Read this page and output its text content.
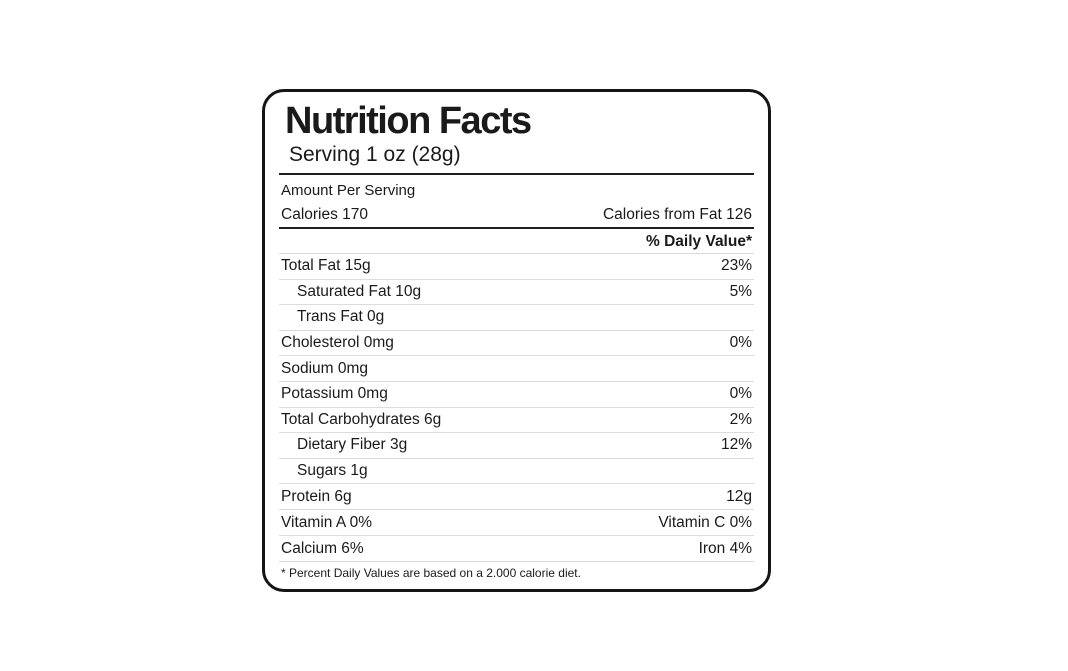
Nutrition Facts
Serving 1 oz (28g)
Amount Per Serving
Calories 170	Calories from Fat 126
% Daily Value*
Total Fat 15g	23%
Saturated Fat 10g	5%
Trans Fat 0g
Cholesterol 0mg	0%
Sodium 0mg
Potassium 0mg	0%
Total Carbohydrates 6g	2%
Dietary Fiber 3g	12%
Sugars 1g
Protein 6g	12g
Vitamin A 0%	Vitamin C 0%
Calcium 6%	Iron 4%
* Percent Daily Values are based on a 2.000 calorie diet.
